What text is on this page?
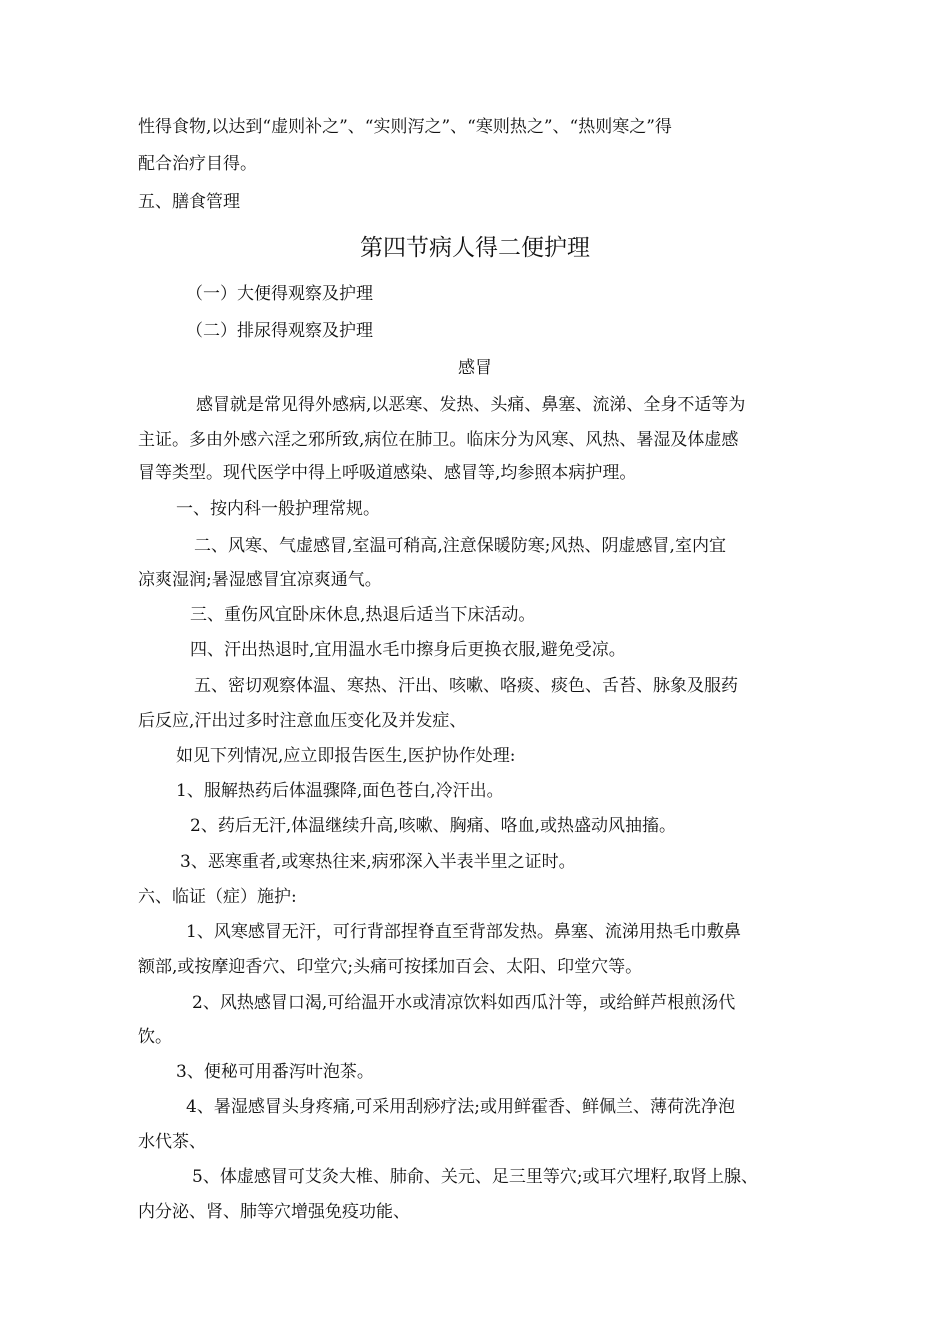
性得食物,以达到“虚则补之”、“实则泻之”、“寒则热之”、“热则寒之”得

配合治疗目得。

五、膳食管理

第四节病人得二便护理

（一）大便得观察及护理

（二）排尿得观察及护理

感冒

感冒就是常见得外感病,以恶寒、发热、头痛、鼻塞、流涕、全身不适等为

主证。多由外感六淫之邪所致,病位在肺卫。临床分为风寒、风热、暑湿及体虚感

冒等类型。现代医学中得上呼吸道感染、感冒等,均参照本病护理。

一、按内科一般护理常规。

二、风寒、气虚感冒,室温可稍高,注意保暖防寒;风热、阴虚感冒,室内宜

凉爽湿润;暑湿感冒宜凉爽通气。

三、重伤风宜卧床休息,热退后适当下床活动。

四、汗出热退时,宜用温水毛巾擦身后更换衣服,避免受凉。

五、密切观察体温、寒热、汗出、咳嗽、咯痰、痰色、舌苔、脉象及服药

后反应,汗出过多时注意血压变化及并发症、

如见下列情况,应立即报告医生,医护协作处理:

1、服解热药后体温骤降,面色苍白,冷汗出。

2、药后无汗,体温继续升高,咳嗽、胸痛、咯血,或热盛动风抽搐。

3、恶寒重者,或寒热往来,病邪深入半表半里之证时。

六、临证（症）施护:

1、风寒感冒无汗，可行背部捏脊直至背部发热。鼻塞、流涕用热毛巾敷鼻

额部,或按摩迎香穴、印堂穴;头痛可按揉加百会、太阳、印堂穴等。

2、风热感冒口渴,可给温开水或清凉饮料如西瓜汁等，或给鲜芦根煎汤代

饮。

3、便秘可用番泻叶泡茶。

4、暑湿感冒头身疼痛,可采用刮痧疗法;或用鲜霍香、鲜佩兰、薄荷洗净泡

水代茶、

5、体虚感冒可艾灸大椎、肺俞、关元、足三里等穴;或耳穴埋籽,取肾上腺、

内分泌、肾、肺等穴增强免疫功能、
